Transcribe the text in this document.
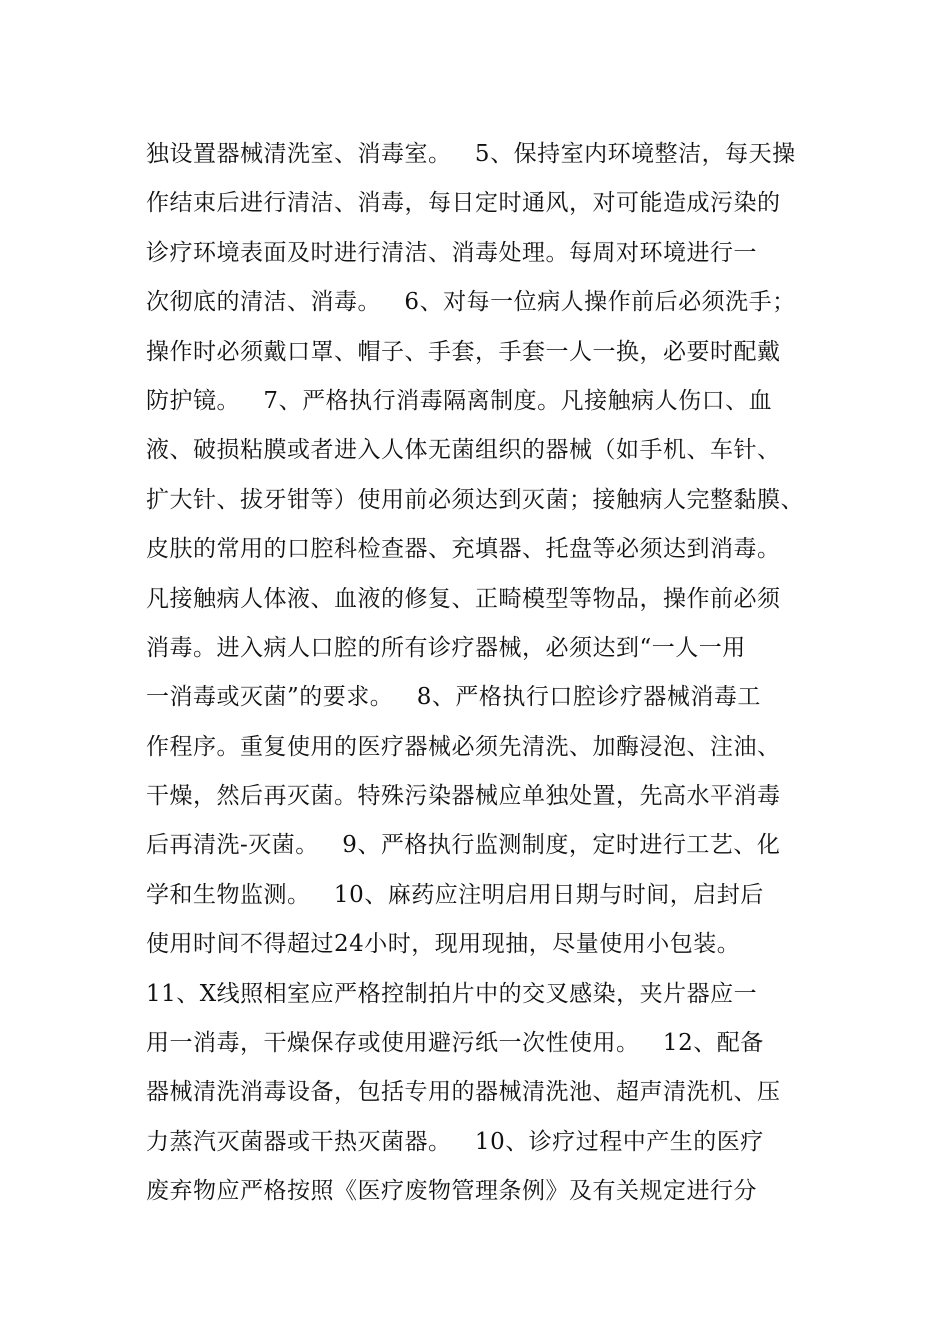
独设置器械清洗室、消毒室。   5、保持室内环境整洁，每天操
作结束后进行清洁、消毒，每日定时通风，对可能造成污染的
诊疗环境表面及时进行清洁、消毒处理。每周对环境进行一
次彻底的清洁、消毒。   6、对每一位病人操作前后必须洗手；
操作时必须戴口罩、帽子、手套，手套一人一换，必要时配戴
防护镜。   7、严格执行消毒隔离制度。凡接触病人伤口、血
液、破损粘膜或者进入人体无菌组织的器械（如手机、车针、
扩大针、拔牙钳等）使用前必须达到灭菌；接触病人完整黏膜、
皮肤的常用的口腔科检查器、充填器、托盘等必须达到消毒。
凡接触病人体液、血液的修复、正畸模型等物品，操作前必须
消毒。进入病人口腔的所有诊疗器械，必须达到“一人一用
一消毒或灭菌”的要求。   8、严格执行口腔诊疗器械消毒工
作程序。重复使用的医疗器械必须先清洗、加酶浸泡、注油、
干燥，然后再灭菌。特殊污染器械应单独处置，先高水平消毒
后再清洗-灭菌。   9、严格执行监测制度，定时进行工艺、化
学和生物监测。   10、麻药应注明启用日期与时间，启封后
使用时间不得超过24小时，现用现抽，尽量使用小包装。
11、X线照相室应严格控制拍片中的交叉感染，夹片器应一
用一消毒，干燥保存或使用避污纸一次性使用。   12、配备
器械清洗消毒设备，包括专用的器械清洗池、超声清洗机、压
力蒸汽灭菌器或干热灭菌器。   10、诊疗过程中产生的医疗
废弃物应严格按照《医疗废物管理条例》及有关规定进行分
